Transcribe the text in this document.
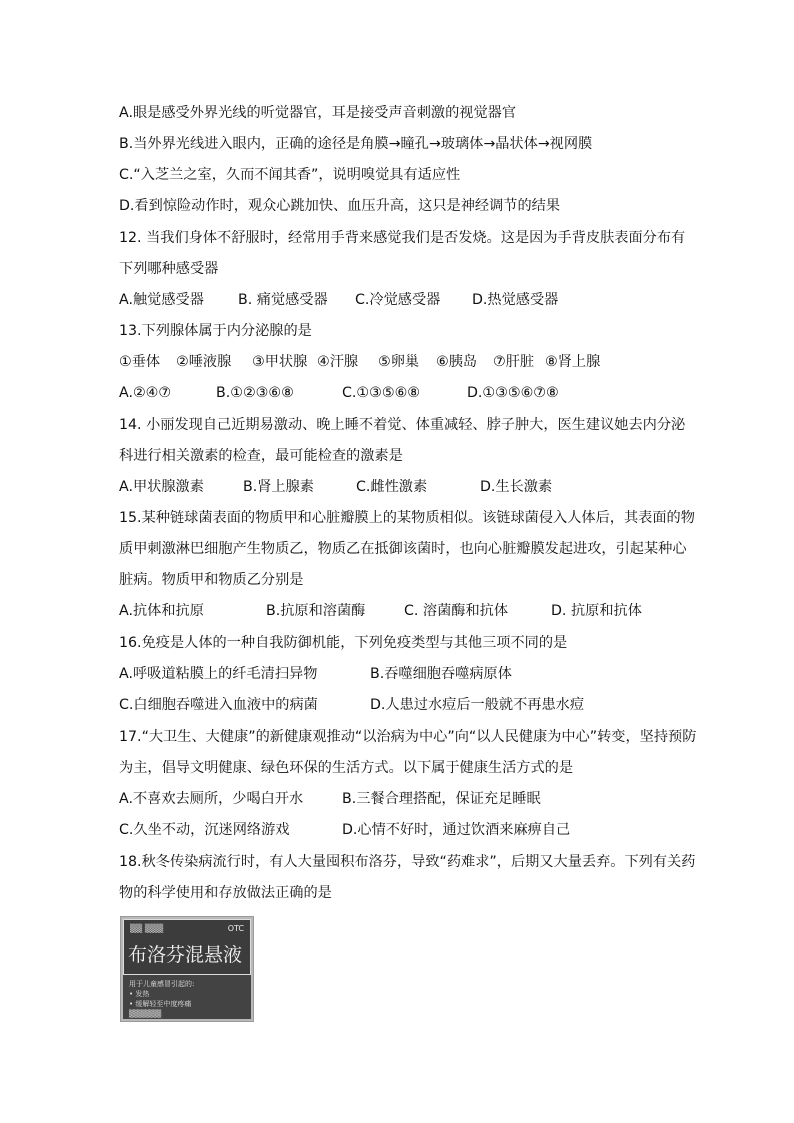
A.眼是感受外界光线的听觉器官，耳是接受声音刺激的视觉器官
B.当外界光线进入眼内，正确的途径是角膜→瞳孔→玻璃体→晶状体→视网膜
C.“入芝兰之室，久而不闻其香”，说明嗅觉具有适应性
D.看到惊险动作时，观众心跳加快、血压升高，这只是神经调节的结果
12. 当我们身体不舒服时，经常用手背来感觉我们是否发烧。这是因为手背皮肤表面分布有
下列哪种感受器
A.触觉感受器 B. 痛觉感受器 C.冷觉感受器 D.热觉感受器
13.下列腺体属于内分泌腺的是
①垂体 ②唾液腺 ③甲状腺 ④汗腺 ⑤卵巢 ⑥胰岛 ⑦肝脏 ⑧肾上腺
A.②④⑦	B.①②③⑥⑧	C.①③⑤⑥⑧	D.①③⑤⑥⑦⑧
14. 小丽发现自己近期易激动、晚上睡不着觉、体重减轻、脖子肿大，医生建议她去内分泌
科进行相关激素的检查，最可能检查的激素是
A.甲状腺激素	B.肾上腺素	C.雌性激素	D.生长激素
15.某种链球菌表面的物质甲和心脏瓣膜上的某物质相似。该链球菌侵入人体后，其表面的物
质甲刺激淋巴细胞产生物质乙，物质乙在抵御该菌时，也向心脏瓣膜发起进攻，引起某种心
脏病。物质甲和物质乙分别是
A.抗体和抗原	B.抗原和溶菌酶	C. 溶菌酶和抗体	D. 抗原和抗体
16.免疫是人体的一种自我防御机能，下列免疫类型与其他三项不同的是
A.呼吸道粘膜上的纤毛清扫异物	B.吞噬细胞吞噬病原体
C.白细胞吞噬进入血液中的病菌	D.人患过水痘后一般就不再患水痘
17.“大卫生、大健康”的新健康观推动“以治病为中心”向“以人民健康为中心”转变，坚持预防
为主，倡导文明健康、绿色环保的生活方式。以下属于健康生活方式的是
A.不喜欢去厕所，少喝白开水	B.三餐合理搭配，保证充足睡眠
C.久坐不动，沉迷网络游戏	D.心情不好时，通过饮酒来麻痹自己
18.秋冬传染病流行时，有人大量囤积布洛芬，导致“药难求”，后期又大量丢弃。下列有关药
物的科学使用和存放做法正确的是
▒▒ ▒▒▒	OTC
布洛芬混悬液
用于儿童感冒引起的:
• 发热
• 缓解轻至中度疼痛
▒▒▒▒▒▒
